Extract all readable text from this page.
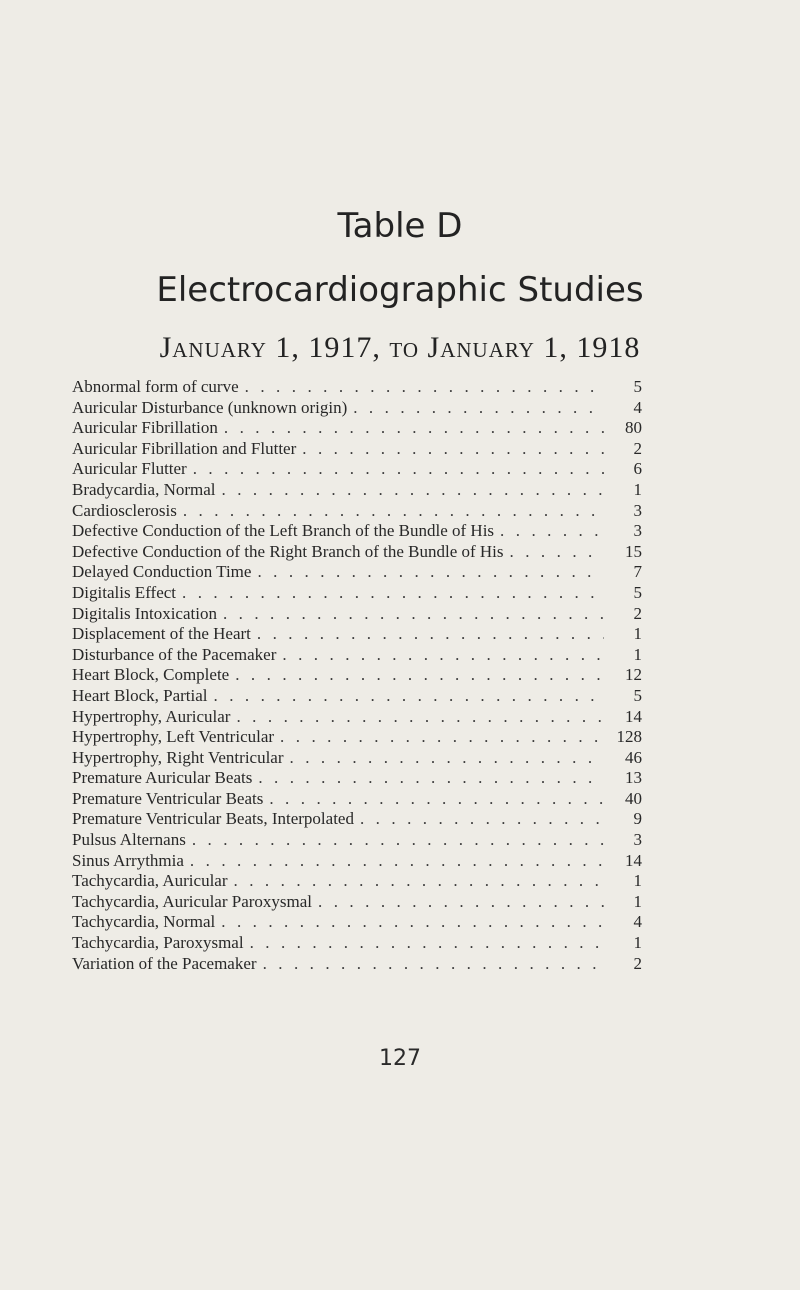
Table D
Electrocardiographic Studies
January 1, 1917, to January 1, 1918
Abnormal form of curve . . .	5
Auricular Disturbance (unknown origin) . . .	4
Auricular Fibrillation . . .	80
Auricular Fibrillation and Flutter . . .	2
Auricular Flutter . . .	6
Bradycardia, Normal . . .	1
Cardiosclerosis . . .	3
Defective Conduction of the Left Branch of the Bundle of His . . .	3
Defective Conduction of the Right Branch of the Bundle of His . . .	15
Delayed Conduction Time . . .	7
Digitalis Effect . . .	5
Digitalis Intoxication . . .	2
Displacement of the Heart . . .	1
Disturbance of the Pacemaker . . .	1
Heart Block, Complete . . .	12
Heart Block, Partial . . .	5
Hypertrophy, Auricular . . .	14
Hypertrophy, Left Ventricular . . .	128
Hypertrophy, Right Ventricular . . .	46
Premature Auricular Beats . . .	13
Premature Ventricular Beats . . .	40
Premature Ventricular Beats, Interpolated . . .	9
Pulsus Alternans . . .	3
Sinus Arrythmia . . .	14
Tachycardia, Auricular . . .	1
Tachycardia, Auricular Paroxysmal . . .	1
Tachycardia, Normal . . .	4
Tachycardia, Paroxysmal . . .	1
Variation of the Pacemaker . . .	2
127
